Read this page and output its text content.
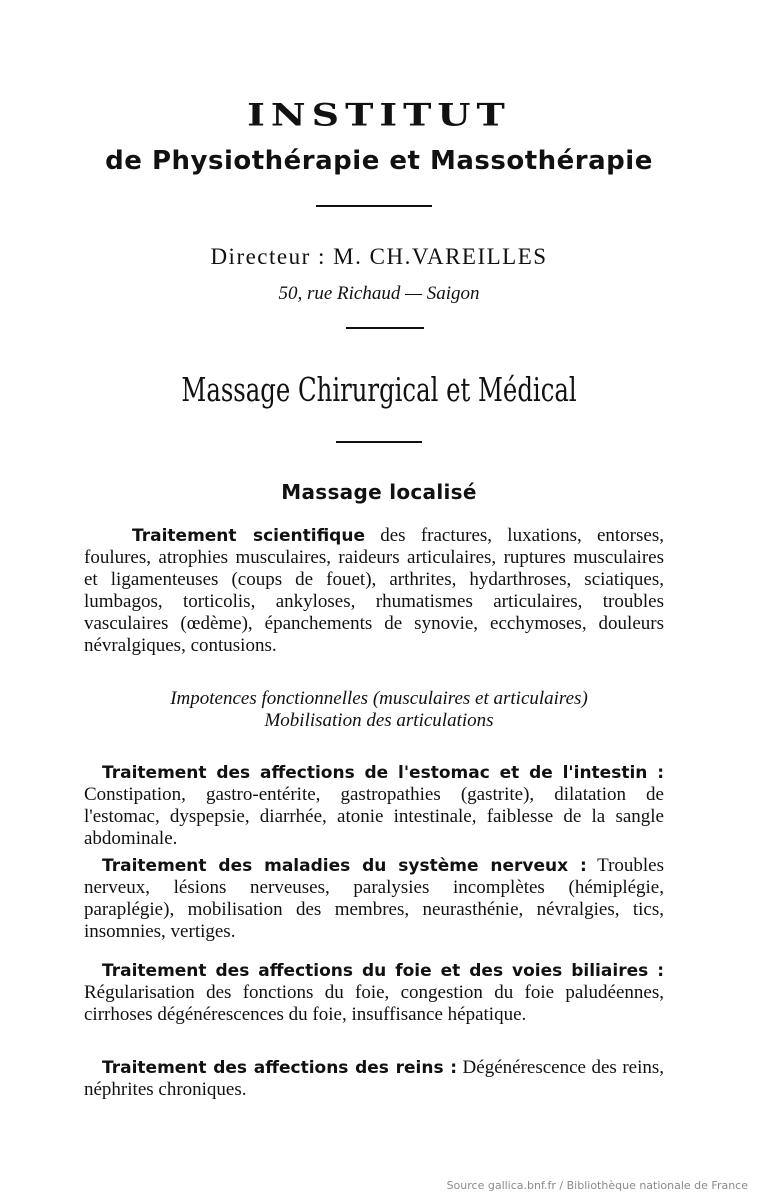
INSTITUT
de Physiothérapie et Massothérapie
Directeur : M. CH.VAREILLES
50, rue Richaud — Saigon
Massage Chirurgical et Médical
Massage localisé
Traitement scientifique des fractures, luxations, entorses, foulures, atrophies musculaires, raideurs articulaires, ruptures musculaires et ligamenteuses (coups de fouet), arthrites, hydarthroses, sciatiques, lumbagos, torticolis, ankyloses, rhumatismes articulaires, troubles vasculaires (œdème), épanchements de synovie, ecchymoses, douleurs névralgiques, contusions.
Impotences fonctionnelles (musculaires et articulaires)
Mobilisation des articulations
Traitement des affections de l'estomac et de l'intestin : Constipation, gastro-entérite, gastropathies (gastrite), dilatation de l'estomac, dyspepsie, diarrhée, atonie intestinale, faiblesse de la sangle abdominale.
Traitement des maladies du système nerveux : Troubles nerveux, lésions nerveuses, paralysies incomplètes (hémiplégie, paraplégie), mobilisation des membres, neurasthénie, névralgies, tics, insomnies, vertiges.
Traitement des affections du foie et des voies biliaires : Régularisation des fonctions du foie, congestion du foie paludéennes, cirrhoses dégénérescences du foie, insuffisance hépatique.
Traitement des affections des reins : Dégénérescence des reins, néphrites chroniques.
Source gallica.bnf.fr / Bibliothèque nationale de France
